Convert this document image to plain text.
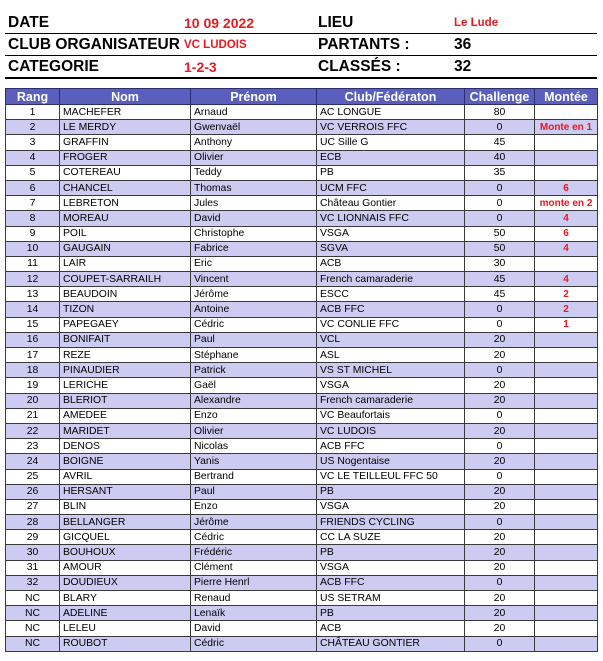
DATE	10 09 2022	LIEU	Le Lude	
CLUB ORGANISATEUR	VC LUDOIS	PARTANTS :	36	
CATEGORIE	1-2-3	CLASSÉS :	32	
Rang	Nom	Prénom	Club/Fédératon	Challenge	Montée
1	MACHEFER	Arnaud	AC LONGUE	80	
2	LE MERDY	Gwenvaël	VC VERROIS FFC	0	Monte en 1
3	GRAFFIN	Anthony	UC Sille G	45	
4	FROGER	Olivier	ECB	40	
5	COTEREAU	Teddy	PB	35	
6	CHANCEL	Thomas	UCM FFC	0	6
7	LEBRETON	Jules	Château Gontier	0	monte en 2
8	MOREAU	David	VC LIONNAIS FFC	0	4
9	POIL	Christophe	VSGA	50	6
10	GAUGAIN	Fabrice	SGVA	50	4
11	LAIR	Eric	ACB	30	
12	COUPET-SARRAILH	Vincent	French camaraderie	45	4
13	BEAUDOIN	Jérôme	ESCC	45	2
14	TIZON	Antoine	ACB FFC	0	2
15	PAPEGAEY	Cédric	VC CONLIE FFC	0	1
16	BONIFAIT	Paul	VCL	20	
17	REZE	Stéphane	ASL	20	
18	PINAUDIER	Patrick	VS ST MICHEL	0	
19	LERICHE	Gaël	VSGA	20	
20	BLERIOT	Alexandre	French camaraderie	20	
21	AMEDEE	Enzo	VC Beaufortais	0	
22	MARIDET	Olivier	VC LUDOIS	20	
23	DENOS	Nicolas	ACB FFC	0	
24	BOIGNE	Yanis	US Nogentaise	20	
25	AVRIL	Bertrand	VC LE TEILLEUL FFC 50	0	
26	HERSANT	Paul	PB	20	
27	BLIN	Enzo	VSGA	20	
28	BELLANGER	Jérôme	FRIENDS CYCLING	0	
29	GICQUEL	Cédric	CC LA SUZE	20	
30	BOUHOUX	Frédéric	PB	20	
31	AMOUR	Clément	VSGA	20	
32	DOUDIEUX	Pierre Henrl	ACB FFC	0	
NC	BLARY	Renaud	US SETRAM	20	
NC	ADELINE	Lenaïk	PB	20	
NC	LELEU	David	ACB	20	
NC	ROUBOT	Cédric	CHÂTEAU GONTIER	0	
